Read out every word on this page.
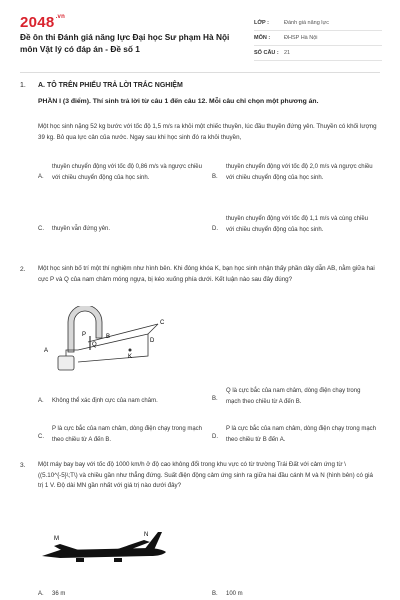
$2048^{.vn}$
Đề ôn thi Đánh giá năng lực Đại học Sư phạm Hà Nội môn Vật lý có đáp án - Đề số 1
LỚP :	Đánh giá năng lực
MÔN :	ĐHSP Hà Nội
SỐ CÂU : 21
1. A. TÔ TRÊN PHIẾU TRẢ LỜI TRẮC NGHIỆM
PHẦN I (3 điểm). Thí sinh trả lời từ câu 1 đến câu 12. Mỗi câu chỉ chọn một phương án.
Một học sinh nặng 52 kg bước với tốc độ 1,5 m/s ra khỏi một chiếc thuyền, lúc đầu thuyền đứng yên. Thuyền có khối lượng 39 kg. Bỏ qua lực cản của nước. Ngay sau khi học sinh đó ra khỏi thuyền,
A.
thuyền chuyển động với tốc độ 0,86 m/s và ngược chiều với chiều chuyển động của học sinh.	B.
thuyền chuyển động với tốc độ 2,0 m/s và ngược chiều với chiều chuyển động của học sinh.
C.	thuyền vẫn đứng yên.	D.
thuyền chuyển động với tốc độ 1,1 m/s và cùng chiều với chiều chuyển động của học sinh.
2. Một học sinh bố trí một thí nghiệm như hình bên. Khi đóng khóa K, bạn học sinh nhận thấy phần dây dẫn AB, nằm giữa hai cực P và Q của nam châm móng ngựa, bị kéo xuống phía dưới. Kết luận nào sau đây đúng?
A
Q
P	B
C
D
K
A.	Không thể xác định cực của nam châm.	B.
Q là cực bắc của nam châm, dòng điện chạy trong mạch theo chiều từ A đến B.
C.
P là cực bắc của nam châm, dòng điện chạy trong mạch theo chiều từ A đến B.	D.
P là cực bắc của nam châm, dòng điện chạy trong mạch theo chiều từ B đến A.
3. Một máy bay bay với tốc độ 1000 km/h ở độ cao không đổi trong khu vực có từ trường Trái Đất với cảm ứng từ \((5.10^{-5}\;T\) và chiều gần như thẳng đứng. Suất điện động cảm ứng sinh ra giữa hai đầu cánh M và N (hình bên) có giá trị 1 V. Độ dài MN gần nhất với giá trị nào dưới đây?
M
N
A.	36 m	B.	100 m
